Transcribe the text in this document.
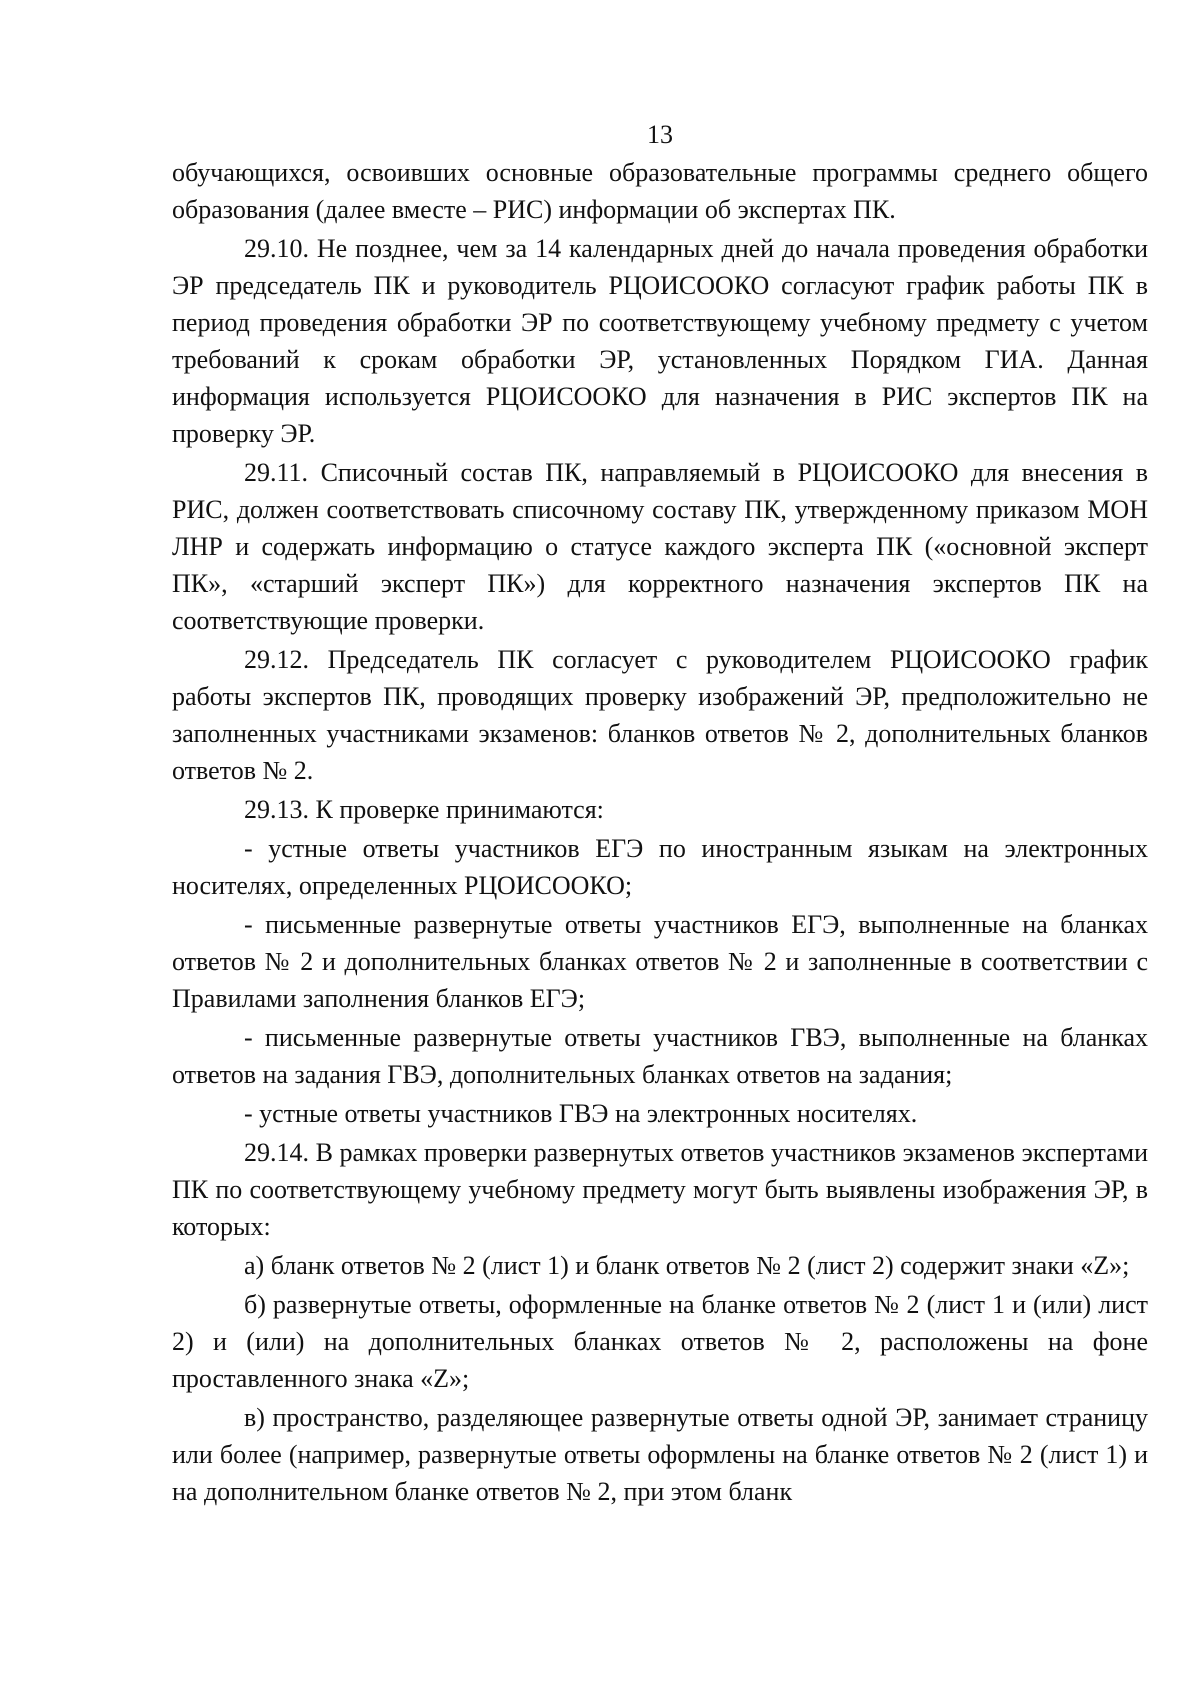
13

обучающихся, освоивших основные образовательные программы среднего общего образования (далее вместе – РИС) информации об экспертах ПК.

29.10. Не позднее, чем за 14 календарных дней до начала проведения обработки ЭР председатель ПК и руководитель РЦОИСООКО согласуют график работы ПК в период проведения обработки ЭР по соответствующему учебному предмету с учетом требований к срокам обработки ЭР, установленных Порядком ГИА. Данная информация используется РЦОИСООКО для назначения в РИС экспертов ПК на проверку ЭР.

29.11. Списочный состав ПК, направляемый в РЦОИСООКО для внесения в РИС, должен соответствовать списочному составу ПК, утвержденному приказом МОН ЛНР и содержать информацию о статусе каждого эксперта ПК («основной эксперт ПК», «старший эксперт ПК») для корректного назначения экспертов ПК на соответствующие проверки.

29.12. Председатель ПК согласует с руководителем РЦОИСООКО график работы экспертов ПК, проводящих проверку изображений ЭР, предположительно не заполненных участниками экзаменов: бланков ответов № 2, дополнительных бланков ответов № 2.

29.13. К проверке принимаются:

- устные ответы участников ЕГЭ по иностранным языкам на электронных носителях, определенных РЦОИСООКО;

- письменные развернутые ответы участников ЕГЭ, выполненные на бланках ответов № 2 и дополнительных бланках ответов № 2 и заполненные в соответствии с Правилами заполнения бланков ЕГЭ;

- письменные развернутые ответы участников ГВЭ, выполненные на бланках ответов на задания ГВЭ, дополнительных бланках ответов на задания;

- устные ответы участников ГВЭ на электронных носителях.

29.14. В рамках проверки развернутых ответов участников экзаменов экспертами ПК по соответствующему учебному предмету могут быть выявлены изображения ЭР, в которых:

а) бланк ответов № 2 (лист 1) и бланк ответов № 2 (лист 2) содержит знаки «Z»;

б) развернутые ответы, оформленные на бланке ответов № 2 (лист 1 и (или) лист 2) и (или) на дополнительных бланках ответов № 2, расположены на фоне проставленного знака «Z»;

в) пространство, разделяющее развернутые ответы одной ЭР, занимает страницу или более (например, развернутые ответы оформлены на бланке ответов № 2 (лист 1) и на дополнительном бланке ответов № 2, при этом бланк
